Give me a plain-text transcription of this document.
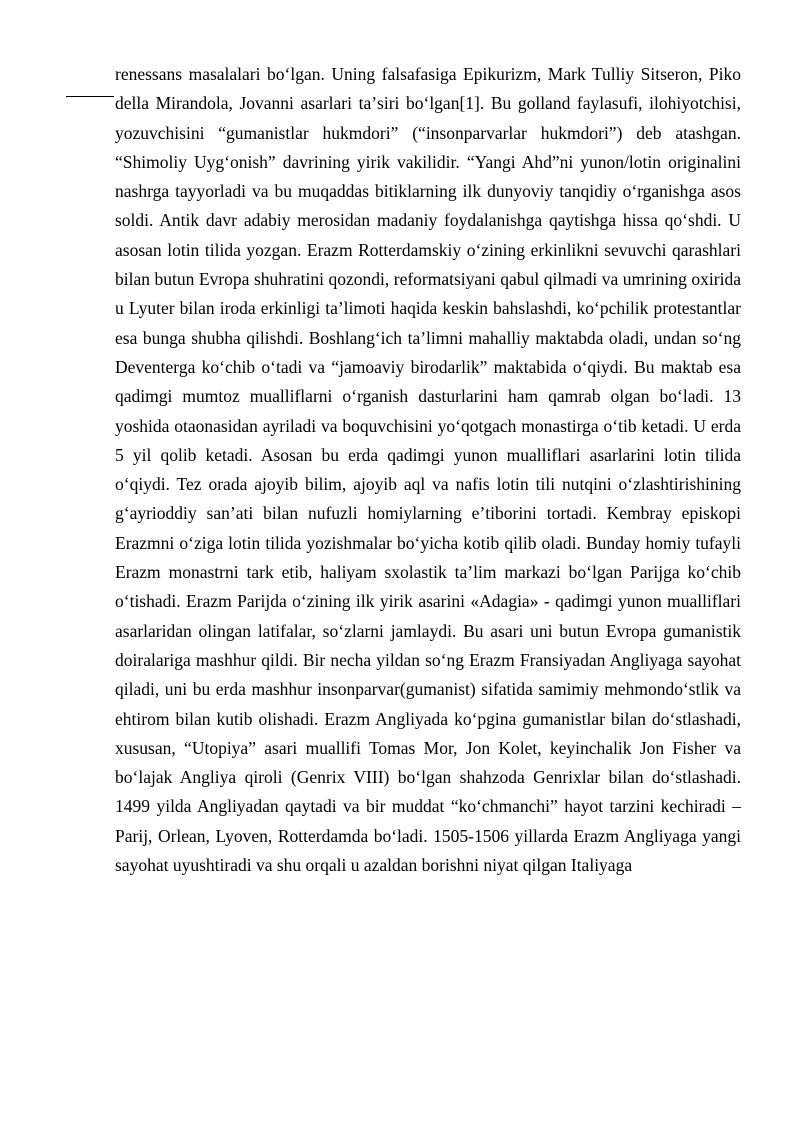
renessans masalalari boʻlgan. Uning falsafasiga Epikurizm, Mark Tulliy Sitseron, Piko della Mirandola, Jovanni asarlari taʼsiri boʻlgan[1]. Bu golland faylasufi, ilohiyotchisi, yozuvchisini “gumanistlar hukmdori” (“insonparvarlar hukmdori”) deb atashgan. “Shimoliy Uygʻonish” davrining yirik vakilidir. “Yangi Ahd”ni yunon/lotin originalini nashrga tayyorladi va bu muqaddas bitiklarning ilk dunyoviy tanqidiy oʻrganishga asos soldi. Antik davr adabiy merosidan madaniy foydalanishga qaytishga hissa qoʻshdi. U asosan lotin tilida yozgan. Erazm Rotterdamskiy oʻzining erkinlikni sevuvchi qarashlari bilan butun Evropa shuhratini qozondi, reformatsiyani qabul qilmadi va umrining oxirida u Lyuter bilan iroda erkinligi taʼlimoti haqida keskin bahslashdi, koʻpchilik protestantlar esa bunga shubha qilishdi. Boshlangʻich taʼlimni mahalliy maktabda oladi, undan soʻng Deventerga koʻchib oʻtadi va “jamoaviy birodarlik” maktabida oʻqiydi. Bu maktab esa qadimgi mumtoz mualliflarni oʻrganish dasturlarini ham qamrab olgan boʻladi. 13 yoshida otaonasidan ayriladi va boquvchisini yoʻqotgach monastirga oʻtib ketadi. U erda 5 yil qolib ketadi. Asosan bu erda qadimgi yunon mualliflari asarlarini lotin tilida oʻqiydi. Tez orada ajoyib bilim, ajoyib aql va nafis lotin tili nutqini oʻzlashtirishining gʻayrioddiy sanʼati bilan nufuzli homiylarning eʼtiborini tortadi. Kembray episkopi Erazmni oʻziga lotin tilida yozishmalar boʻyicha kotib qilib oladi. Bunday homiy tufayli Erazm monastrni tark etib, haliyam sxolastik taʼlim markazi boʻlgan Parijga koʻchib oʻtishadi. Erazm Parijda oʻzining ilk yirik asarini «Adagia» - qadimgi yunon mualliflari asarlaridan olingan latifalar, soʻzlarni jamlaydi. Bu asari uni butun Evropa gumanistik doiralariga mashhur qildi. Bir necha yildan soʻng Erazm Fransiyadan Angliyaga sayohat qiladi, uni bu erda mashhur insonparvar(gumanist) sifatida samimiy mehmondoʻstlik va ehtirom bilan kutib olishadi. Erazm Angliyada koʻpgina gumanistlar bilan doʻstlashadi, xususan, “Utopiya” asari muallifi Tomas Mor, Jon Kolet, keyinchalik Jon Fisher va boʻlajak Angliya qiroli (Genrix VIII) boʻlgan shahzoda Genrixlar bilan doʻstlashadi. 1499 yilda Angliyadan qaytadi va bir muddat “koʻchmanchi” hayot tarzini kechiradi – Parij, Orlean, Lyoven, Rotterdamda boʻladi. 1505-1506 yillarda Erazm Angliyaga yangi sayohat uyushtiradi va shu orqali u azaldan borishni niyat qilgan Italiyaga
